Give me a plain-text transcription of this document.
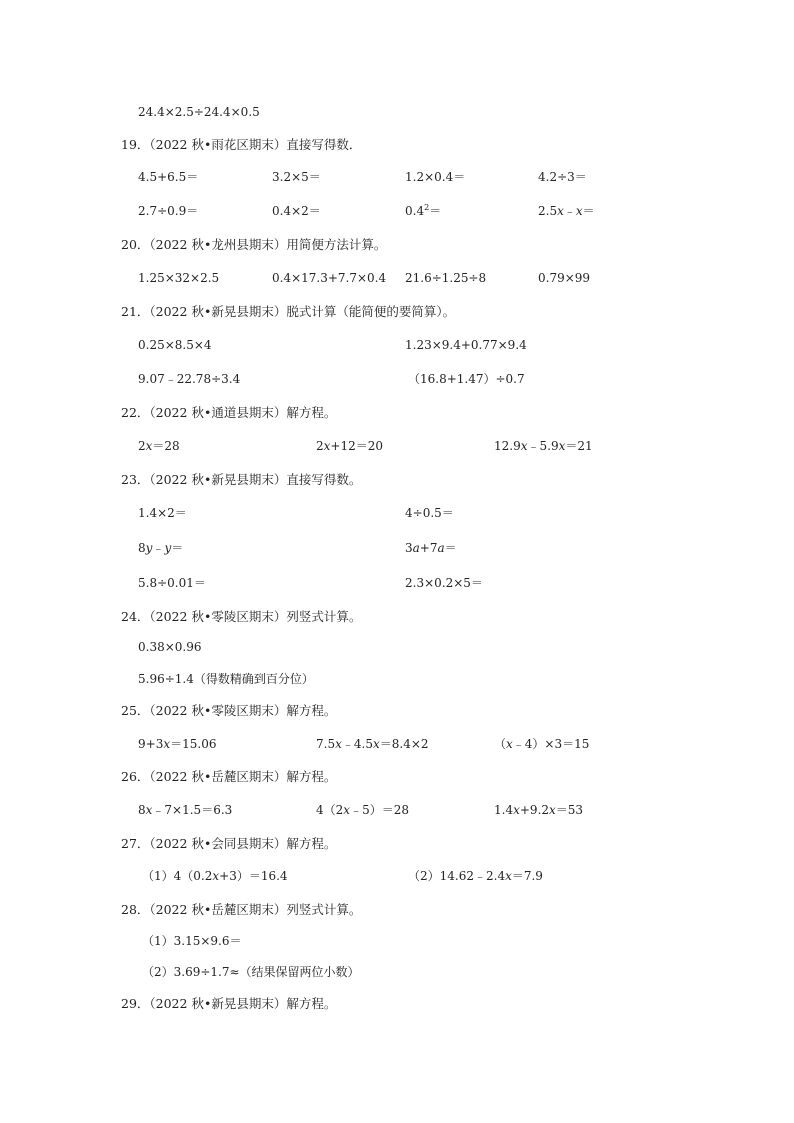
24.4×2.5÷24.4×0.5
19．（2022 秋•雨花区期末）直接写得数．
4.5+6.5＝	3.2×5＝	1.2×0.4＝	4.2÷3＝
2.7÷0.9＝	0.4×2＝	$0.4^2=$	2.5x﹣x＝
20．（2022 秋•龙州县期末）用简便方法计算。
1.25×32×2.5	0.4×17.3+7.7×0.4 21.6÷1.25÷8	0.79×99
21．（2022 秋•新晃县期末）脱式计算（能简便的要简算）。
0.25×8.5×4	1.23×9.4+0.77×9.4
9.07﹣22.78÷3.4	（16.8+1.47）÷0.7
22．（2022 秋•通道县期末）解方程。
2x＝28	2x+12＝20	12.9x﹣5.9x＝21
23．（2022 秋•新晃县期末）直接写得数。
1.4×2＝	4÷0.5＝
8y﹣y＝	3a+7a＝
5.8÷0.01＝	2.3×0.2×5＝
24．（2022 秋•零陵区期末）列竖式计算。
0.38×0.96
5.96÷1.4（得数精确到百分位）
25．（2022 秋•零陵区期末）解方程。
9+3x＝15.06	7.5x﹣4.5x＝8.4×2	（x﹣4）×3＝15
26．（2022 秋•岳麓区期末）解方程。
8x﹣7×1.5＝6.3	4（2x﹣5）＝28	1.4x+9.2x＝53
27．（2022 秋•会同县期末）解方程。
（1）4（0.2x+3）＝16.4	（2）14.62﹣2.4x＝7.9
28．（2022 秋•岳麓区期末）列竖式计算。
（1）3.15×9.6＝
（2）3.69÷1.7≈（结果保留两位小数）
29．（2022 秋•新晃县期末）解方程。
